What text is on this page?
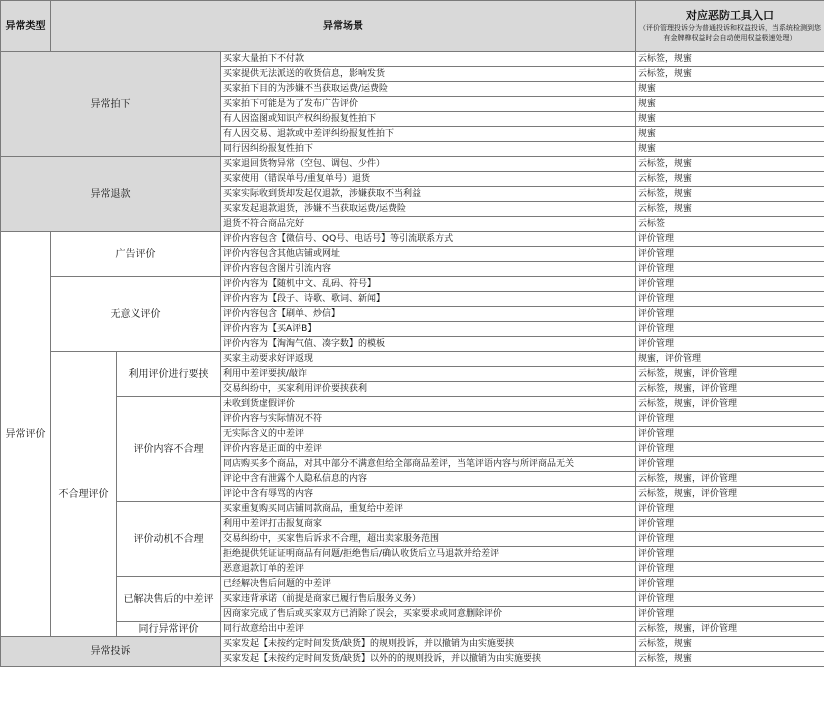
异常类型	异常场景			对应恶防工具入口
（评价管理投诉分为普通投诉和权益投诉，当系统检测到您有金牌榫权益时会自动使用权益极速处理）

异常拍下			买家大量拍下不付款	云标签，规蜜
			买家提供无法派送的收货信息，影响发货	云标签，规蜜
			买家拍下目的为涉嫌不当获取运费/运费险	规蜜
			买家拍下可能是为了发布广告评价	规蜜
			有人因盗图或知识产权纠纷报复性拍下	规蜜
			有人因交易、退款或中差评纠纷报复性拍下	规蜜
			同行因纠纷报复性拍下	规蜜
异常退款			买家退回货物异常（空包、调包、少件）	云标签，规蜜
			买家使用（错误单号/重复单号）退货	云标签，规蜜
			买家实际收到货却发起仅退款，涉嫌获取不当利益	云标签，规蜜
			买家发起退款退货，涉嫌不当获取运费/运费险	云标签，规蜜
			退货不符合商品完好	云标签
异常评价	广告评价		评价内容包含【微信号、QQ号、电话号】等引流联系方式	评价管理
			评价内容包含其他店铺或网址	评价管理
			评价内容包含图片引流内容	评价管理
	无意义评价		评价内容为【随机中文、乱码、符号】	评价管理
			评价内容为【段子、诗歌、歌词、新闻】	评价管理
			评价内容包含【刷单、炒信】	评价管理
			评价内容为【买A评B】	评价管理
			评价内容为【淘淘气值、凑字数】的模板	评价管理
	不合理评价	利用评价进行要挟	买家主动要求好评返现	规蜜，评价管理
			利用中差评要挟/敲诈	云标签，规蜜，评价管理
			交易纠纷中，买家利用评价要挟获利	云标签，规蜜，评价管理
		评价内容不合理	未收到货虚假评价	云标签，规蜜，评价管理
			评价内容与实际情况不符	评价管理
			无实际含义的中差评	评价管理
			评价内容是正面的中差评	评价管理
			同店购买多个商品，对其中部分不满意但给全部商品差评，当笔评语内容与所评商品无关	评价管理
			评论中含有泄露个人隐私信息的内容	云标签，规蜜，评价管理
			评论中含有辱骂的内容	云标签，规蜜，评价管理
		评价动机不合理	买家重复购买同店铺同款商品，重复给中差评	评价管理
			利用中差评打击报复商家	评价管理
			交易纠纷中，买家售后诉求不合理，超出卖家服务范围	评价管理
			拒绝提供凭证证明商品有问题/拒绝售后/确认收货后立马退款并给差评	评价管理
			恶意退款订单的差评	评价管理
		已解决售后的中差评	已经解决售后问题的中差评	评价管理
			买家违背承诺（前提是商家已履行售后服务义务）	评价管理
			因商家完成了售后或买家双方已消除了误会，买家要求或同意删除评价	评价管理
		同行异常评价	同行故意给出中差评	云标签，规蜜，评价管理
异常投诉			买家发起【未按约定时间发货/缺货】的规则投诉，并以撤销为由实施要挟	云标签，规蜜
			买家发起【未按约定时间发货/缺货】以外的的规则投诉，并以撤销为由实施要挟	云标签，规蜜
